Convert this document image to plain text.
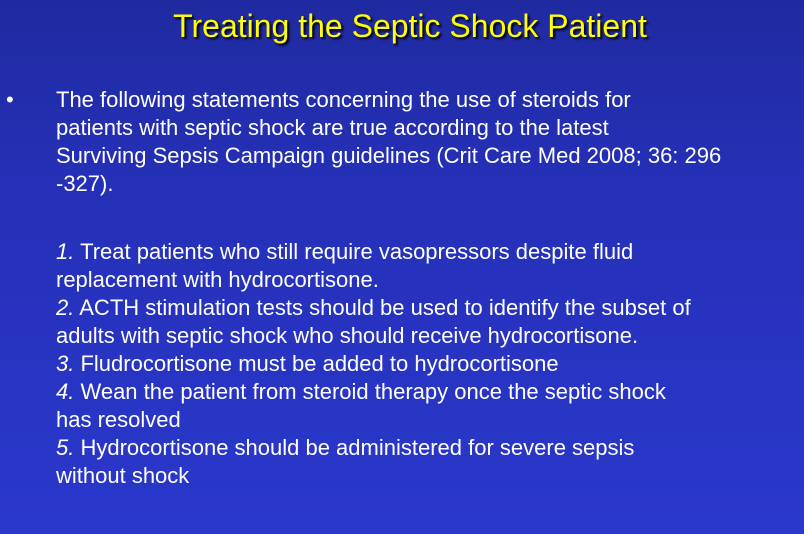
Treating the Septic Shock Patient
• The following statements concerning the use of steroids for
patients with septic shock are true according to the latest
Surviving Sepsis Campaign guidelines (Crit Care Med 2008; 36: 296
-327).
1. Treat patients who still require vasopressors despite fluid
replacement with hydrocortisone.
2. ACTH stimulation tests should be used to identify the subset of
adults with septic shock who should receive hydrocortisone.
3. Fludrocortisone must be added to hydrocortisone
4. Wean the patient from steroid therapy once the septic shock
has resolved
5. Hydrocortisone should be administered for severe sepsis
without shock
